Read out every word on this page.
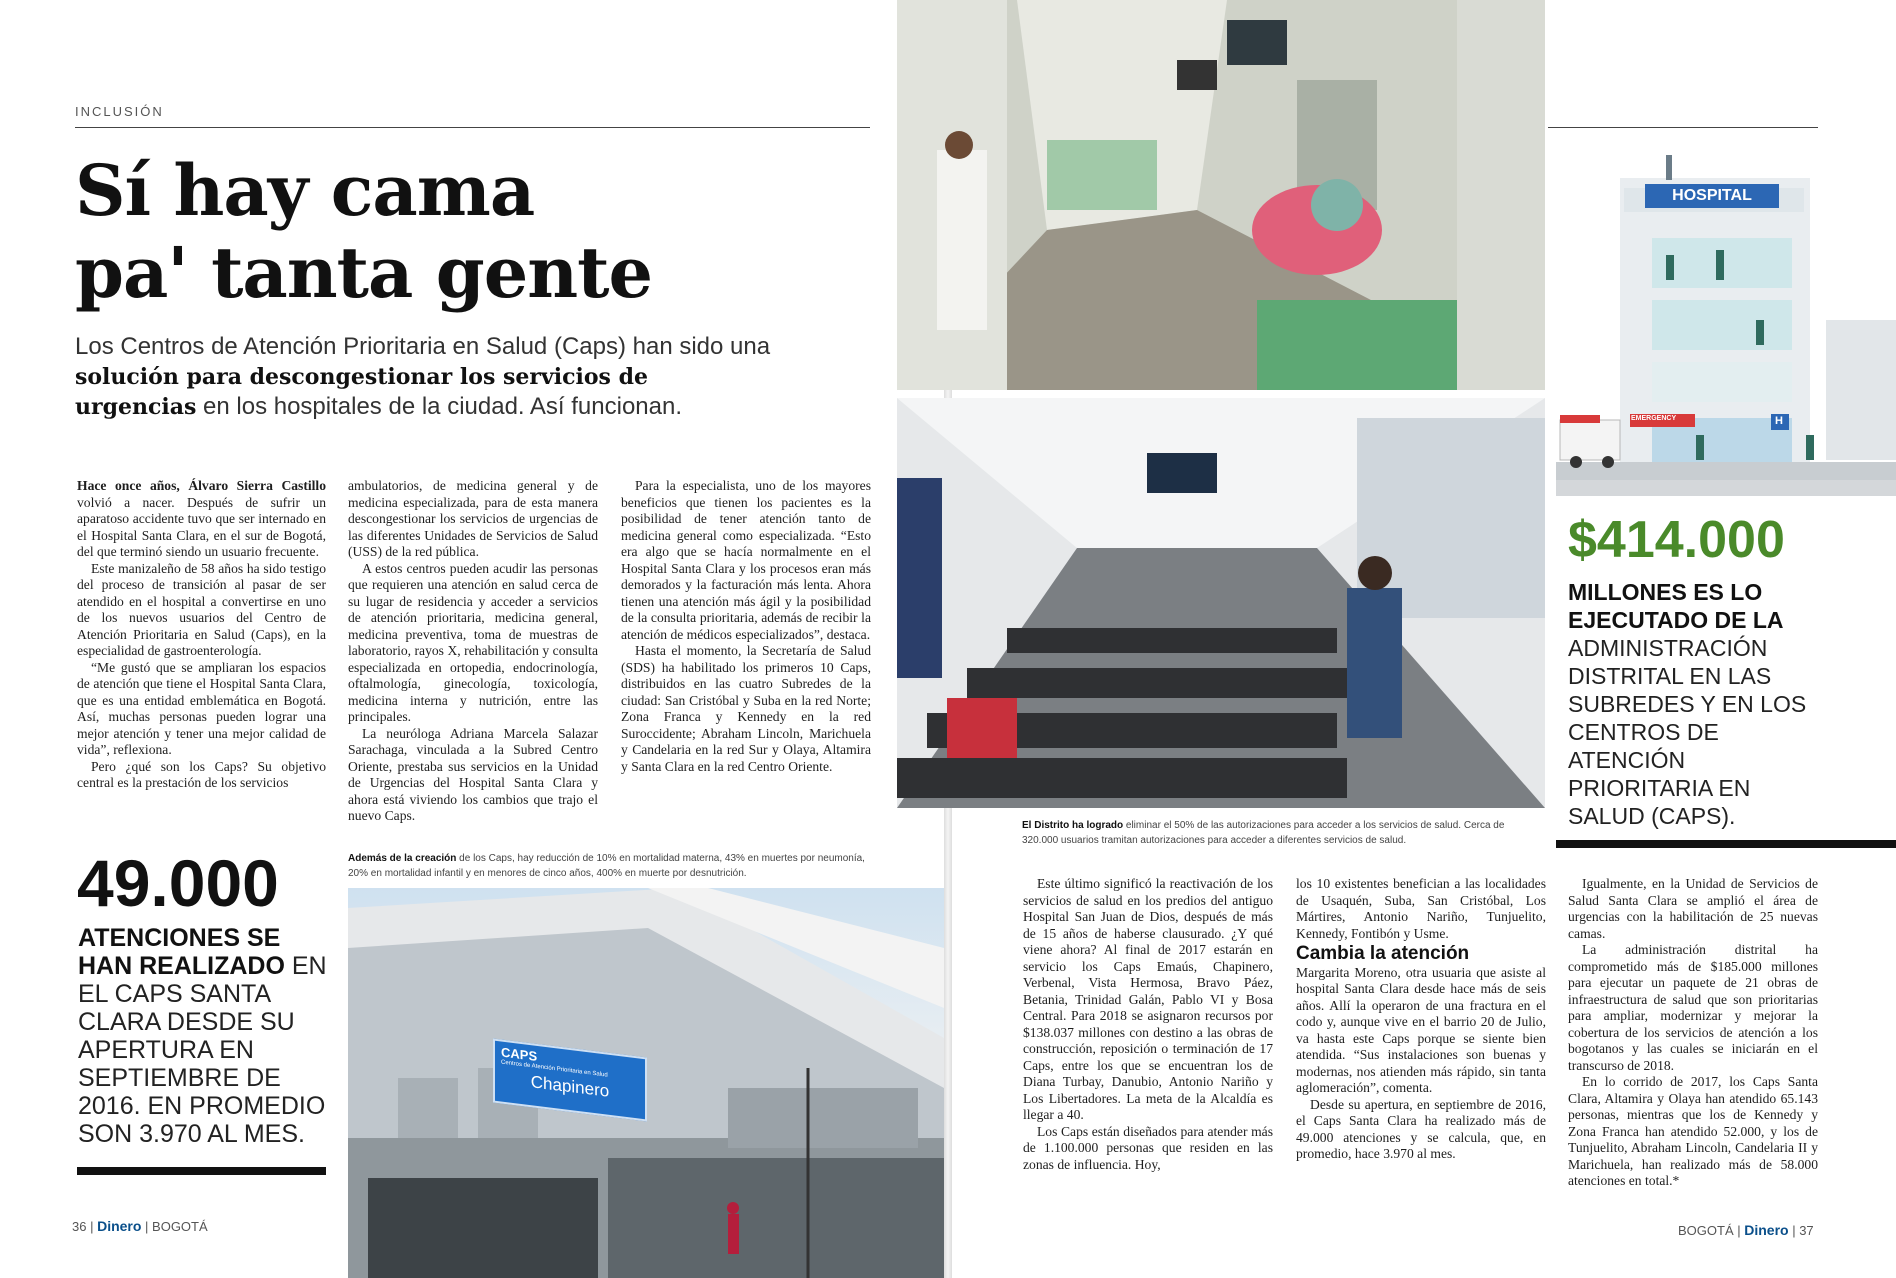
INCLUSIÓN
Sí hay cama
pa' tanta gente
Los Centros de Atención Prioritaria en Salud (Caps) han sido una solución para descongestionar los servicios de urgencias en los hospitales de la ciudad. Así funcionan.

Hace once años, Álvaro Sierra Castillo volvió a nacer. Después de sufrir un aparatoso accidente tuvo que ser internado en el Hospital Santa Clara, en el sur de Bogotá, del que terminó siendo un usuario frecuente.

Este manizaleño de 58 años ha sido testigo del proceso de transición al pasar de ser atendido en el hospital a convertirse en uno de los nuevos usuarios del Centro de Atención Prioritaria en Salud (Caps), en la especialidad de gastroenterología.

“Me gustó que se ampliaran los espacios de atención que tiene el Hospital Santa Clara, que es una entidad emblemática en Bogotá. Así, muchas personas pueden lograr una mejor atención y tener una mejor calidad de vida”, reflexiona.

Pero ¿qué son los Caps? Su objetivo central es la prestación de los servicios

ambulatorios, de medicina general y de medicina especializada, para de esta manera descongestionar los servicios de urgencias de las diferentes Unidades de Servicios de Salud (USS) de la red pública.

A estos centros pueden acudir las personas que requieren una atención en salud cerca de su lugar de residencia y acceder a servicios de atención prioritaria, medicina general, medicina preventiva, toma de muestras de laboratorio, rayos X, rehabilitación y consulta especializada en ortopedia, endocrinología, oftalmología, ginecología, toxicología, medicina interna y nutrición, entre las principales.

La neuróloga Adriana Marcela Salazar Sarachaga, vinculada a la Subred Centro Oriente, prestaba sus servicios en la Unidad de Urgencias del Hospital Santa Clara y ahora está viviendo los cambios que trajo el nuevo Caps.

Para la especialista, uno de los mayores beneficios que tienen los pacientes es la posibilidad de tener atención tanto de medicina general como especializada. “Esto era algo que se hacía normalmente en el Hospital Santa Clara y los procesos eran más demorados y la facturación más lenta. Ahora tienen una atención más ágil y la posibilidad de la consulta prioritaria, además de recibir la atención de médicos especializados”, destaca.

Hasta el momento, la Secretaría de Salud (SDS) ha habilitado los primeros 10 Caps, distribuidos en las cuatro Subredes de la ciudad: San Cristóbal y Suba en la red Norte; Zona Franca y Kennedy en la red Suroccidente; Abraham Lincoln, Marichuela y Candelaria en la red Sur y Olaya, Altamira y Santa Clara en la red Centro Oriente.

49.000
ATENCIONES SE HAN REALIZADO EN EL CAPS SANTA CLARA DESDE SU APERTURA EN SEPTIEMBRE DE 2016. EN PROMEDIO SON 3.970 AL MES.
Además de la creación de los Caps, hay reducción de 10% en mortalidad materna, 43% en muertes por neumonía, 20% en mortalidad infantil y en menores de cinco años, 400% en muerte por desnutrición.
CAPS
Centros de Atención Prioritaria en Salud
Chapinero
36 | Dinero | BOGOTÁ
El Distrito ha logrado eliminar el 50% de las autorizaciones para acceder a los servicios de salud. Cerca de 320.000 usuarios tramitan autorizaciones para acceder a diferentes servicios de salud.
HOSPITAL
EMERGENCY	H
$414.000
MILLONES ES LO EJECUTADO DE LA ADMINISTRACIÓN DISTRITAL EN LAS SUBREDES Y EN LOS CENTROS DE ATENCIÓN PRIORITARIA EN SALUD (CAPS).

Este último significó la reactivación de los servicios de salud en los predios del antiguo Hospital San Juan de Dios, después de más de 15 años de haberse clausurado. ¿Y qué viene ahora? Al final de 2017 estarán en servicio los Caps Emaús, Chapinero, Verbenal, Vista Hermosa, Bravo Páez, Betania, Trinidad Galán, Pablo VI y Bosa Central. Para 2018 se asignaron recursos por $138.037 millones con destino a las obras de construcción, reposición o terminación de 17 Caps, entre los que se encuentran los de Diana Turbay, Danubio, Antonio Nariño y Los Libertadores. La meta de la Alcaldía es llegar a 40.

Los Caps están diseñados para atender más de 1.100.000 personas que residen en las zonas de influencia. Hoy,

los 10 existentes benefician a las localidades de Usaquén, Suba, San Cristóbal, Los Mártires, Antonio Nariño, Tunjuelito, Kennedy, Fontibón y Usme.

Cambia la atención

Margarita Moreno, otra usuaria que asiste al hospital Santa Clara desde hace más de seis años. Allí la operaron de una fractura en el codo y, aunque vive en el barrio 20 de Julio, va hasta este Caps porque se siente bien atendida. “Sus instalaciones son buenas y modernas, nos atienden más rápido, sin tanta aglomeración”, comenta.

Desde su apertura, en septiembre de 2016, el Caps Santa Clara ha realizado más de 49.000 atenciones y se calcula, que, en promedio, hace 3.970 al mes.

Igualmente, en la Unidad de Servicios de Salud Santa Clara se amplió el área de urgencias con la habilitación de 25 nuevas camas.

La administración distrital ha comprometido más de $185.000 millones para ejecutar un paquete de 21 obras de infraestructura de salud que son prioritarias para ampliar, modernizar y mejorar la cobertura de los servicios de atención a los bogotanos y las cuales se iniciarán en el transcurso de 2018.

En lo corrido de 2017, los Caps Santa Clara, Altamira y Olaya han atendido 65.143 personas, mientras que los de Kennedy y Zona Franca han atendido 52.000, y los de Tunjuelito, Abraham Lincoln, Candelaria II y Marichuela, han realizado más de 58.000 atenciones en total.*

BOGOTÁ | Dinero | 37
